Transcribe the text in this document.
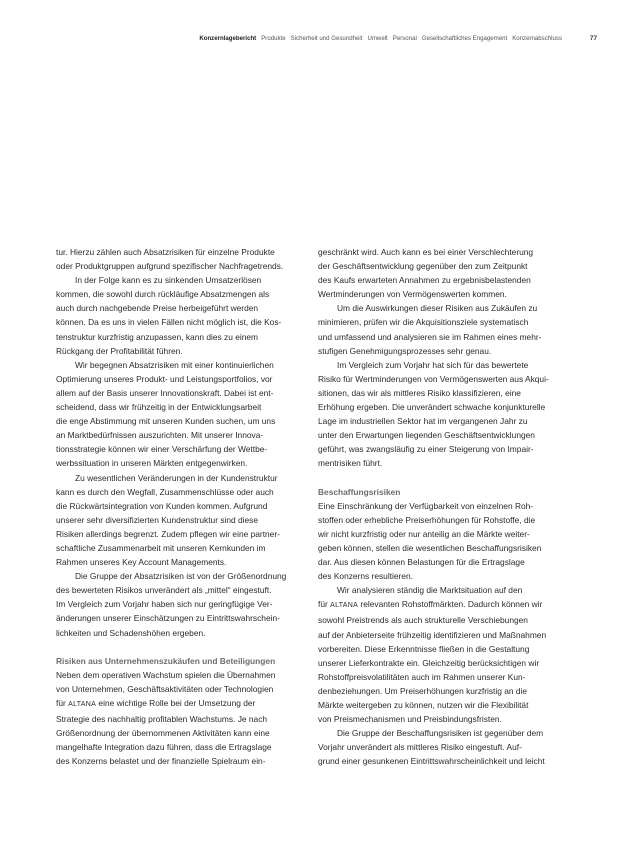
Konzernlagebericht Produkte Sicherheit und Gesundheit Umwelt Personal Gesellschaftliches Engagement Konzernabschluss	77

tur. Hierzu zählen auch Absatzrisiken für einzelne Produkte

oder Produktgruppen aufgrund spezifischer Nachfragetrends.

In der Folge kann es zu sinkenden Umsatzerlösen

kommen, die sowohl durch rückläufige Absatzmengen als

auch durch nachgebende Preise herbeigeführt werden

können. Da es uns in vielen Fällen nicht möglich ist, die Kos-

tenstruktur kurzfristig anzupassen, kann dies zu einem

Rückgang der Profitabilität führen.

Wir begegnen Absatzrisiken mit einer kontinuierlichen

Optimierung unseres Produkt- und Leistungsportfolios, vor

allem auf der Basis unserer Innovationskraft. Dabei ist ent-

scheidend, dass wir frühzeitig in der Entwicklungsarbeit

die enge Abstimmung mit unseren Kunden suchen, um uns

an Marktbedürfnissen auszurichten. Mit unserer Innova-

tionsstrategie können wir einer Verschärfung der Wettbe-

werbssituation in unseren Märkten entgegenwirken.

Zu wesentlichen Veränderungen in der Kundenstruktur

kann es durch den Wegfall, Zusammenschlüsse oder auch

die Rückwärtsintegration von Kunden kommen. Aufgrund

unserer sehr diversifizierten Kundenstruktur sind diese

Risiken allerdings begrenzt. Zudem pflegen wir eine partner-

schaftliche Zusammenarbeit mit unseren Kernkunden im

Rahmen unseres Key Account Managements.

Die Gruppe der Absatzrisiken ist von der Größenordnung

des bewerteten Risikos unverändert als „mittel“ eingestuft.

Im Vergleich zum Vorjahr haben sich nur geringfügige Ver-

änderungen unserer Einschätzungen zu Eintrittswahrschein-

lichkeiten und Schadenshöhen ergeben.

Risiken aus Unternehmenszukäufen und Beteiligungen

Neben dem operativen Wachstum spielen die Übernahmen

von Unternehmen, Geschäftsaktivitäten oder Technologien

für ALTANA eine wichtige Rolle bei der Umsetzung der

Strategie des nachhaltig profitablen Wachstums. Je nach

Größenordnung der übernommenen Aktivitäten kann eine

mangelhafte Integration dazu führen, dass die Ertragslage

des Konzerns belastet und der finanzielle Spielraum ein-

geschränkt wird. Auch kann es bei einer Verschlechterung

der Geschäftsentwicklung gegenüber den zum Zeitpunkt

des Kaufs erwarteten Annahmen zu ergebnisbelastenden

Wertminderungen von Vermögenswerten kommen.

Um die Auswirkungen dieser Risiken aus Zukäufen zu

minimieren, prüfen wir die Akquisitionsziele systematisch

und umfassend und analysieren sie im Rahmen eines mehr-

stufigen Genehmigungsprozesses sehr genau.

Im Vergleich zum Vorjahr hat sich für das bewertete

Risiko für Wertminderungen von Vermögenswerten aus Akqui-

sitionen, das wir als mittleres Risiko klassifizieren, eine

Erhöhung ergeben. Die unverändert schwache konjunkturelle

Lage im industriellen Sektor hat im vergangenen Jahr zu

unter den Erwartungen liegenden Geschäftsentwicklungen

geführt, was zwangsläufig zu einer Steigerung von Impair-

mentrisiken führt.

Beschaffungsrisiken

Eine Einschränkung der Verfügbarkeit von einzelnen Roh-

stoffen oder erhebliche Preiserhöhungen für Rohstoffe, die

wir nicht kurzfristig oder nur anteilig an die Märkte weiter-

geben können, stellen die wesentlichen Beschaffungsrisiken

dar. Aus diesen können Belastungen für die Ertragslage

des Konzerns resultieren.

Wir analysieren ständig die Marktsituation auf den

für ALTANA relevanten Rohstoffmärkten. Dadurch können wir

sowohl Preistrends als auch strukturelle Verschiebungen

auf der Anbieterseite frühzeitig identifizieren und Maßnahmen

vorbereiten. Diese Erkenntnisse fließen in die Gestaltung

unserer Lieferkontrakte ein. Gleichzeitig berücksichtigen wir

Rohstoffpreisvolatilitäten auch im Rahmen unserer Kun-

denbeziehungen. Um Preiserhöhungen kurzfristig an die

Märkte weitergeben zu können, nutzen wir die Flexibilität

von Preismechanismen und Preisbindungsfristen.

Die Gruppe der Beschaffungsrisiken ist gegenüber dem

Vorjahr unverändert als mittleres Risiko eingestuft. Auf-

grund einer gesunkenen Eintrittswahrscheinlichkeit und leicht
